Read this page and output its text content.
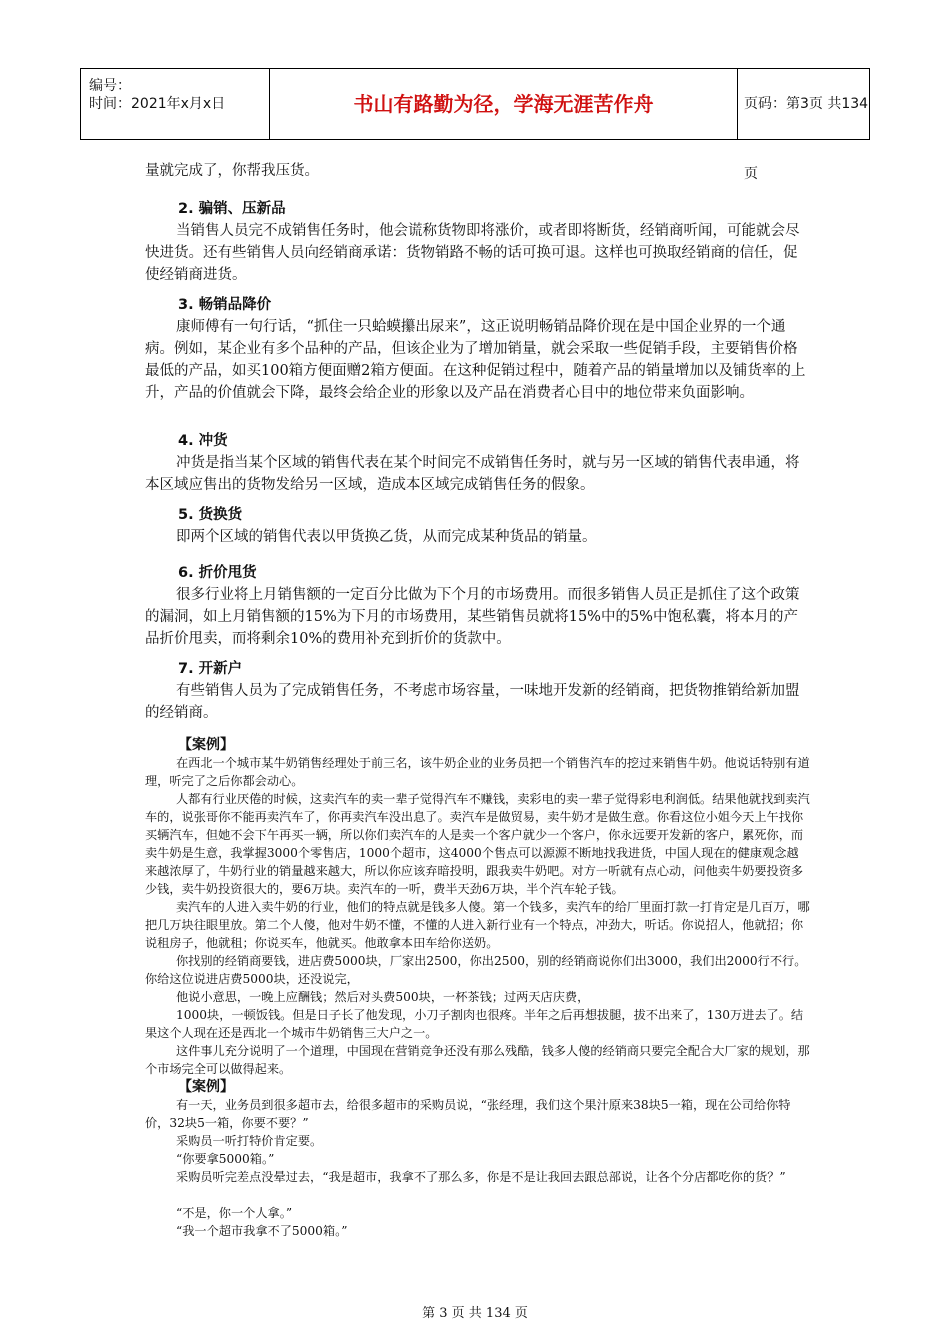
编号：
时间：2021年x月x日	书山有路勤为径，学海无涯苦作舟	页码：第3页 共134页

量就完成了，你帮我压货。

2. 骗销、压新品

当销售人员完不成销售任务时，他会谎称货物即将涨价，或者即将断货，经销商听闻，可能就会尽快进货。还有些销售人员向经销商承诺：货物销路不畅的话可换可退。这样也可换取经销商的信任，促使经销商进货。

3. 畅销品降价

康师傅有一句行话，“抓住一只蛤蟆攥出尿来”，这正说明畅销品降价现在是中国企业界的一个通病。例如，某企业有多个品种的产品，但该企业为了增加销量，就会采取一些促销手段，主要销售价格最低的产品，如买100箱方便面赠2箱方便面。在这种促销过程中，随着产品的销量增加以及铺货率的上升，产品的价值就会下降，最终会给企业的形象以及产品在消费者心目中的地位带来负面影响。

4. 冲货

冲货是指当某个区域的销售代表在某个时间完不成销售任务时，就与另一区域的销售代表串通，将本区域应售出的货物发给另一区域，造成本区域完成销售任务的假象。

5. 货换货

即两个区域的销售代表以甲货换乙货，从而完成某种货品的销量。

6. 折价甩货

很多行业将上月销售额的一定百分比做为下个月的市场费用。而很多销售人员正是抓住了这个政策的漏洞，如上月销售额的15%为下月的市场费用，某些销售员就将15%中的5%中饱私囊，将本月的产品折价甩卖，而将剩余10%的费用补充到折价的货款中。

7. 开新户

有些销售人员为了完成销售任务，不考虑市场容量，一味地开发新的经销商，把货物推销给新加盟的经销商。

【案例】

在西北一个城市某牛奶销售经理处于前三名，该牛奶企业的业务员把一个销售汽车的挖过来销售牛奶。他说话特别有道理，听完了之后你都会动心。

人都有行业厌倦的时候，这卖汽车的卖一辈子觉得汽车不赚钱，卖彩电的卖一辈子觉得彩电利润低。结果他就找到卖汽车的，说张哥你不能再卖汽车了，你再卖汽车没出息了。卖汽车是做贸易，卖牛奶才是做生意。你看这位小姐今天上午找你买辆汽车，但她不会下午再买一辆，所以你们卖汽车的人是卖一个客户就少一个客户，你永远要开发新的客户，累死你，而卖牛奶是生意，我掌握3000个零售店，1000个超市，这4000个售点可以源源不断地找我进货，中国人现在的健康观念越来越浓厚了，牛奶行业的销量越来越大，所以你应该弃暗投明，跟我卖牛奶吧。对方一听就有点心动，问他卖牛奶要投资多少钱，卖牛奶投资很大的，要6万块。卖汽车的一听，费半天劲6万块，半个汽车轮子钱。

卖汽车的人进入卖牛奶的行业，他们的特点就是钱多人傻。第一个钱多，卖汽车的给厂里面打款一打肯定是几百万，哪把几万块往眼里放。第二个人傻，他对牛奶不懂，不懂的人进入新行业有一个特点，冲劲大，听话。你说招人，他就招；你说租房子，他就租；你说买车，他就买。他敢拿本田车给你送奶。

你找别的经销商要钱，进店费5000块，厂家出2500，你出2500，别的经销商说你们出3000，我们出2000行不行。你给这位说进店费5000块，还没说完，

他说小意思，一晚上应酬钱；然后对头费500块，一杯茶钱；过两天店庆费，

1000块，一顿饭钱。但是日子长了他发现，小刀子割肉也很疼。半年之后再想拔腿，拔不出来了，130万进去了。结果这个人现在还是西北一个城市牛奶销售三大户之一。

这件事儿充分说明了一个道理，中国现在营销竞争还没有那么残酷，钱多人傻的经销商只要完全配合大厂家的规划，那个市场完全可以做得起来。

【案例】

有一天，业务员到很多超市去，给很多超市的采购员说，“张经理，我们这个果汁原来38块5一箱，现在公司给你特价，32块5一箱，你要不要？”

采购员一听打特价肯定要。

“你要拿5000箱。”

采购员听完差点没晕过去，“我是超市，我拿不了那么多，你是不是让我回去跟总部说，让各个分店都吃你的货？”

“不是，你一个人拿。”

“我一个超市我拿不了5000箱。”

第 3 页 共 134 页
